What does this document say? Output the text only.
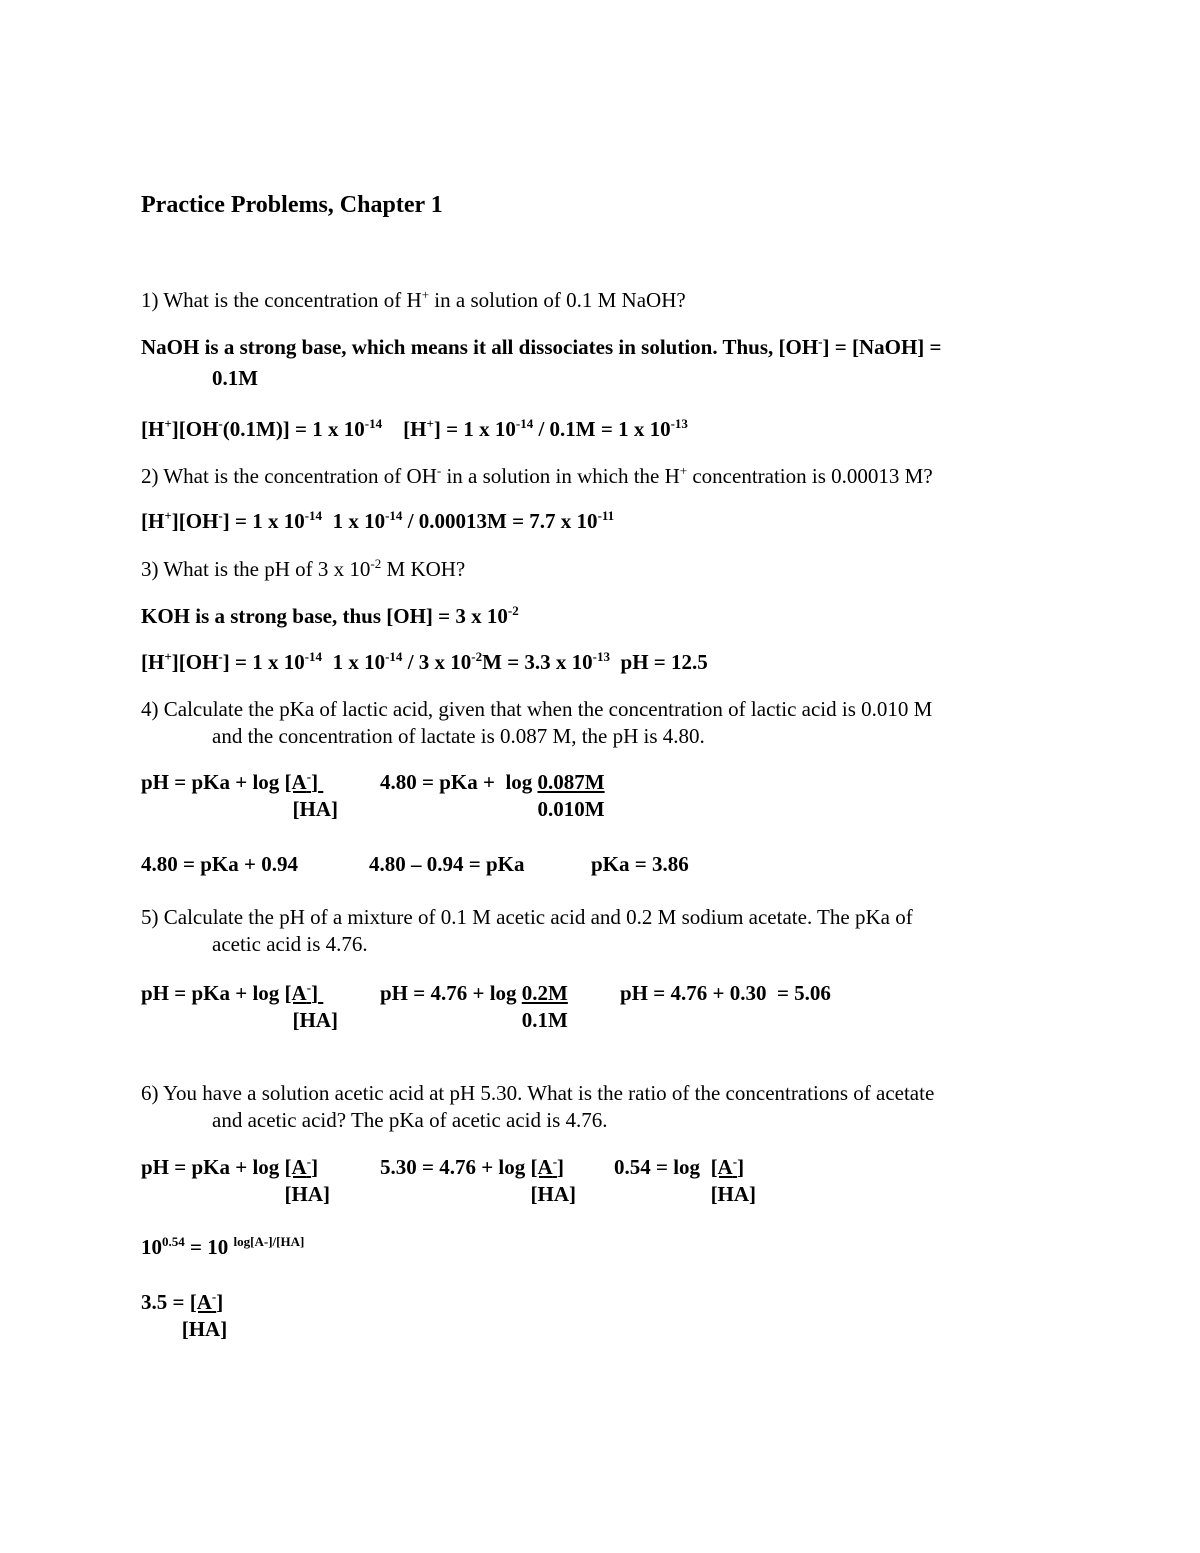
Practice Problems, Chapter 1
1) What is the concentration of H+ in a solution of 0.1 M NaOH?
NaOH is a strong base, which means it all dissociates in solution. Thus, [OH-] = [NaOH] =
0.1M
[H+][OH-(0.1M)] = 1 x $10^{-14}$    [H+] = 1 x $10^{-14} / 0.1M = 1$ x $10^{-13}$
2) What is the concentration of OH- in a solution in which the H+ concentration is 0.00013 M?
[H+][OH-] = 1 x $10^{-14}$  1 x $10^{-14} / 0.00013M = 7.7$ x $10^{-11}$
3) What is the pH of 3 x $10^{-2}$ M KOH?
KOH is a strong base, thus [OH] = 3 x $10^{-2}$
[H+][OH-] = 1 x $10^{-14}$  1 x $10^{-14} / 3$ x $10^{-2}M = 3.3$ x $10^{-13}$  pH = 12.5
4) Calculate the pKa of lactic acid, given that when the concentration of lactic acid is 0.010 M
and the concentration of lactate is 0.087 M, the pH is 4.80.
pH = pKa + $\log \frac{[A^-]}{[HA]}$	4.80 = pKa +  $\log \frac{0.087M}{0.010M}$
4.80 = pKa + 0.94	4.80 – 0.94 = pKa	pKa = 3.86
5) Calculate the pH of a mixture of 0.1 M acetic acid and 0.2 M sodium acetate. The pKa of
acetic acid is 4.76.
pH = pKa + $\log \frac{[A^-]}{[HA]}$	pH = $4.76 + \log \frac{0.2M}{0.1M}$ pH = 4.76 + 0.30  = 5.06
6) You have a solution acetic acid at pH 5.30. What is the ratio of the concentrations of acetate
and acetic acid? The pKa of acetic acid is 4.76.
pH = pKa + $\log \frac{[A^-]}{[HA]}$	$5.30 = 4.76 + \log \frac{[A^-]}{[HA]}$	$0.54 = \log \frac{[A^-]}{[HA]}$
$10^{0.54} = 10$ $^{log[A-]/[HA]}$
$3.5 = \frac{[A^-]}{[HA]}$
